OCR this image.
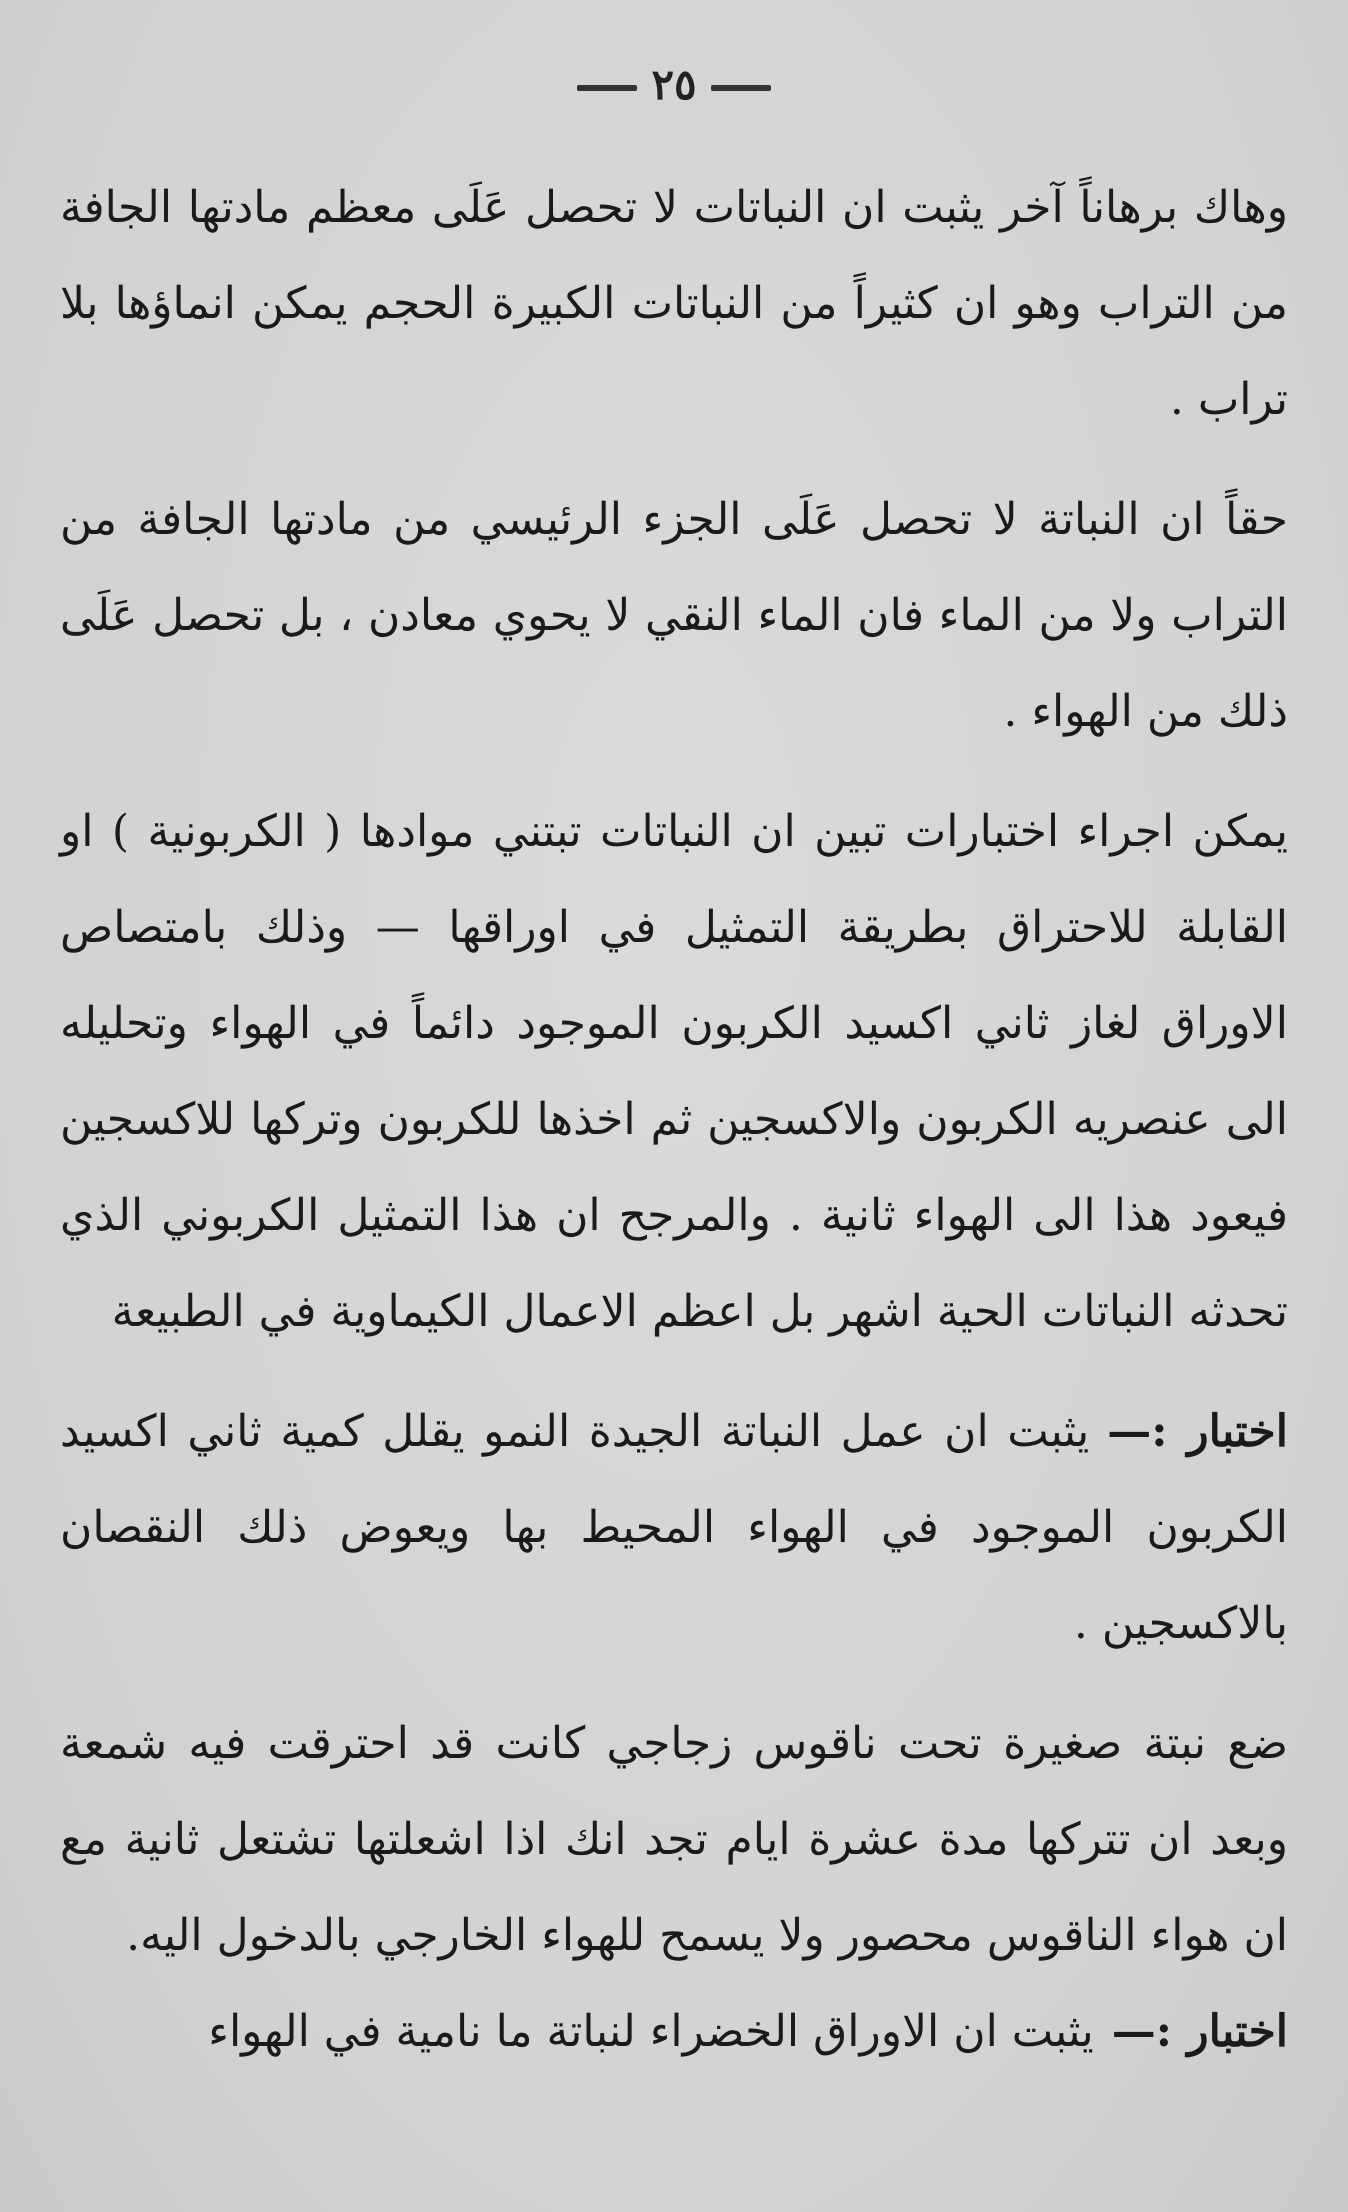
٢٥

وهاك برهاناً آخر يثبت ان النباتات لا تحصل عَلَى معظم مادتها الجافة من التراب وهو ان كثيراً من النباتات الكبيرة الحجم يمكن انماؤها بلا تراب .

حقاً ان النباتة لا تحصل عَلَى الجزء الرئيسي من مادتها الجافة من التراب ولا من الماء فان الماء النقي لا يحوي معادن ، بل تحصل عَلَى ذلك من الهواء .

يمكن اجراء اختبارات تبين ان النباتات تبتني موادها ( الكربونية ) او القابلة للاحتراق بطريقة التمثيل في اوراقها — وذلك بامتصاص الاوراق لغاز ثاني اكسيد الكربون الموجود دائماً في الهواء وتحليله الى عنصريه الكربون والاكسجين ثم اخذها للكربون وتركها للاكسجين فيعود هذا الى الهواء ثانية . والمرجح ان هذا التمثيل الكربوني الذي تحدثه النباتات الحية اشهر بل اعظم الاعمال الكيماوية في الطبيعة

اختبار :—يثبت ان عمل النباتة الجيدة النمو يقلل كمية ثاني اكسيد الكربون الموجود في الهواء المحيط بها ويعوض ذلك النقصان بالاكسجين .

ضع نبتة صغيرة تحت ناقوس زجاجي كانت قد احترقت فيه شمعة وبعد ان تتركها مدة عشرة ايام تجد انك اذا اشعلتها تشتعل ثانية مع ان هواء الناقوس محصور ولا يسمح للهواء الخارجي بالدخول اليه.

اختبار :—يثبت ان الاوراق الخضراء لنباتة ما نامية في الهواء
